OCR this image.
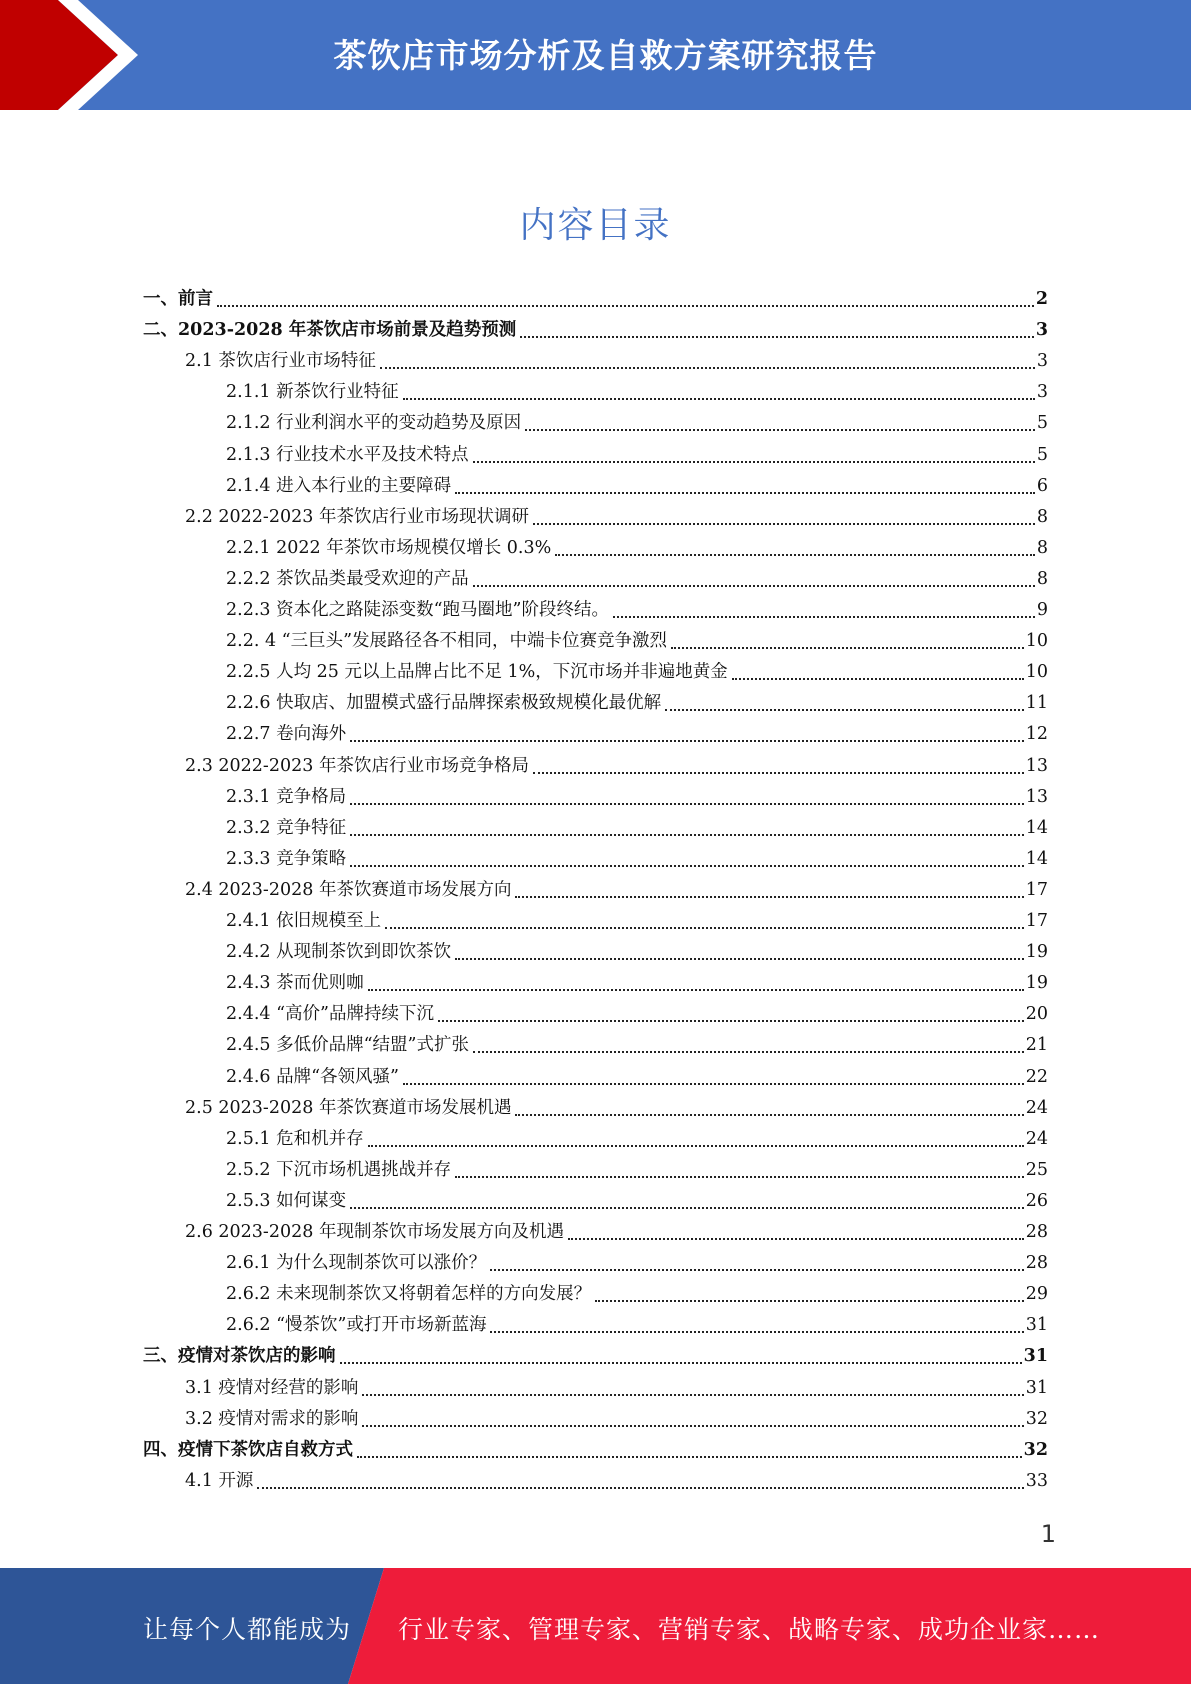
茶饮店市场分析及自救方案研究报告
内容目录
一、前言	2
二、2023-2028 年茶饮店市场前景及趋势预测	3
2.1 茶饮店行业市场特征	3
2.1.1 新茶饮行业特征	3
2.1.2 行业利润水平的变动趋势及原因	5
2.1.3 行业技术水平及技术特点	5
2.1.4 进入本行业的主要障碍	6
2.2 2022-2023 年茶饮店行业市场现状调研	8
2.2.1 2022 年茶饮市场规模仅增长 0.3%	8
2.2.2 茶饮品类最受欢迎的产品	8
2.2.3 资本化之路陡添变数“跑马圈地”阶段终结。	9
2.2. 4 “三巨头”发展路径各不相同，中端卡位赛竞争激烈	10
2.2.5 人均 25 元以上品牌占比不足 1%，下沉市场并非遍地黄金	10
2.2.6 快取店、加盟模式盛行品牌探索极致规模化最优解	11
2.2.7 卷向海外	12
2.3 2022-2023 年茶饮店行业市场竞争格局	13
2.3.1 竞争格局	13
2.3.2 竞争特征	14
2.3.3 竞争策略	14
2.4 2023-2028 年茶饮赛道市场发展方向	17
2.4.1 依旧规模至上	17
2.4.2 从现制茶饮到即饮茶饮	19
2.4.3 茶而优则咖	19
2.4.4 “高价”品牌持续下沉	20
2.4.5 多低价品牌“结盟”式扩张	21
2.4.6 品牌“各领风骚”	22
2.5 2023-2028 年茶饮赛道市场发展机遇	24
2.5.1 危和机并存	24
2.5.2 下沉市场机遇挑战并存	25
2.5.3 如何谋变	26
2.6 2023-2028 年现制茶饮市场发展方向及机遇	28
2.6.1 为什么现制茶饮可以涨价？	28
2.6.2 未来现制茶饮又将朝着怎样的方向发展？	29
2.6.2 “慢茶饮”或打开市场新蓝海	31
三、疫情对茶饮店的影响	31
3.1 疫情对经营的影响	31
3.2 疫情对需求的影响	32
四、疫情下茶饮店自救方式	32
4.1 开源	33
1
让每个人都能成为 行业专家、管理专家、营销专家、战略专家、成功企业家……
